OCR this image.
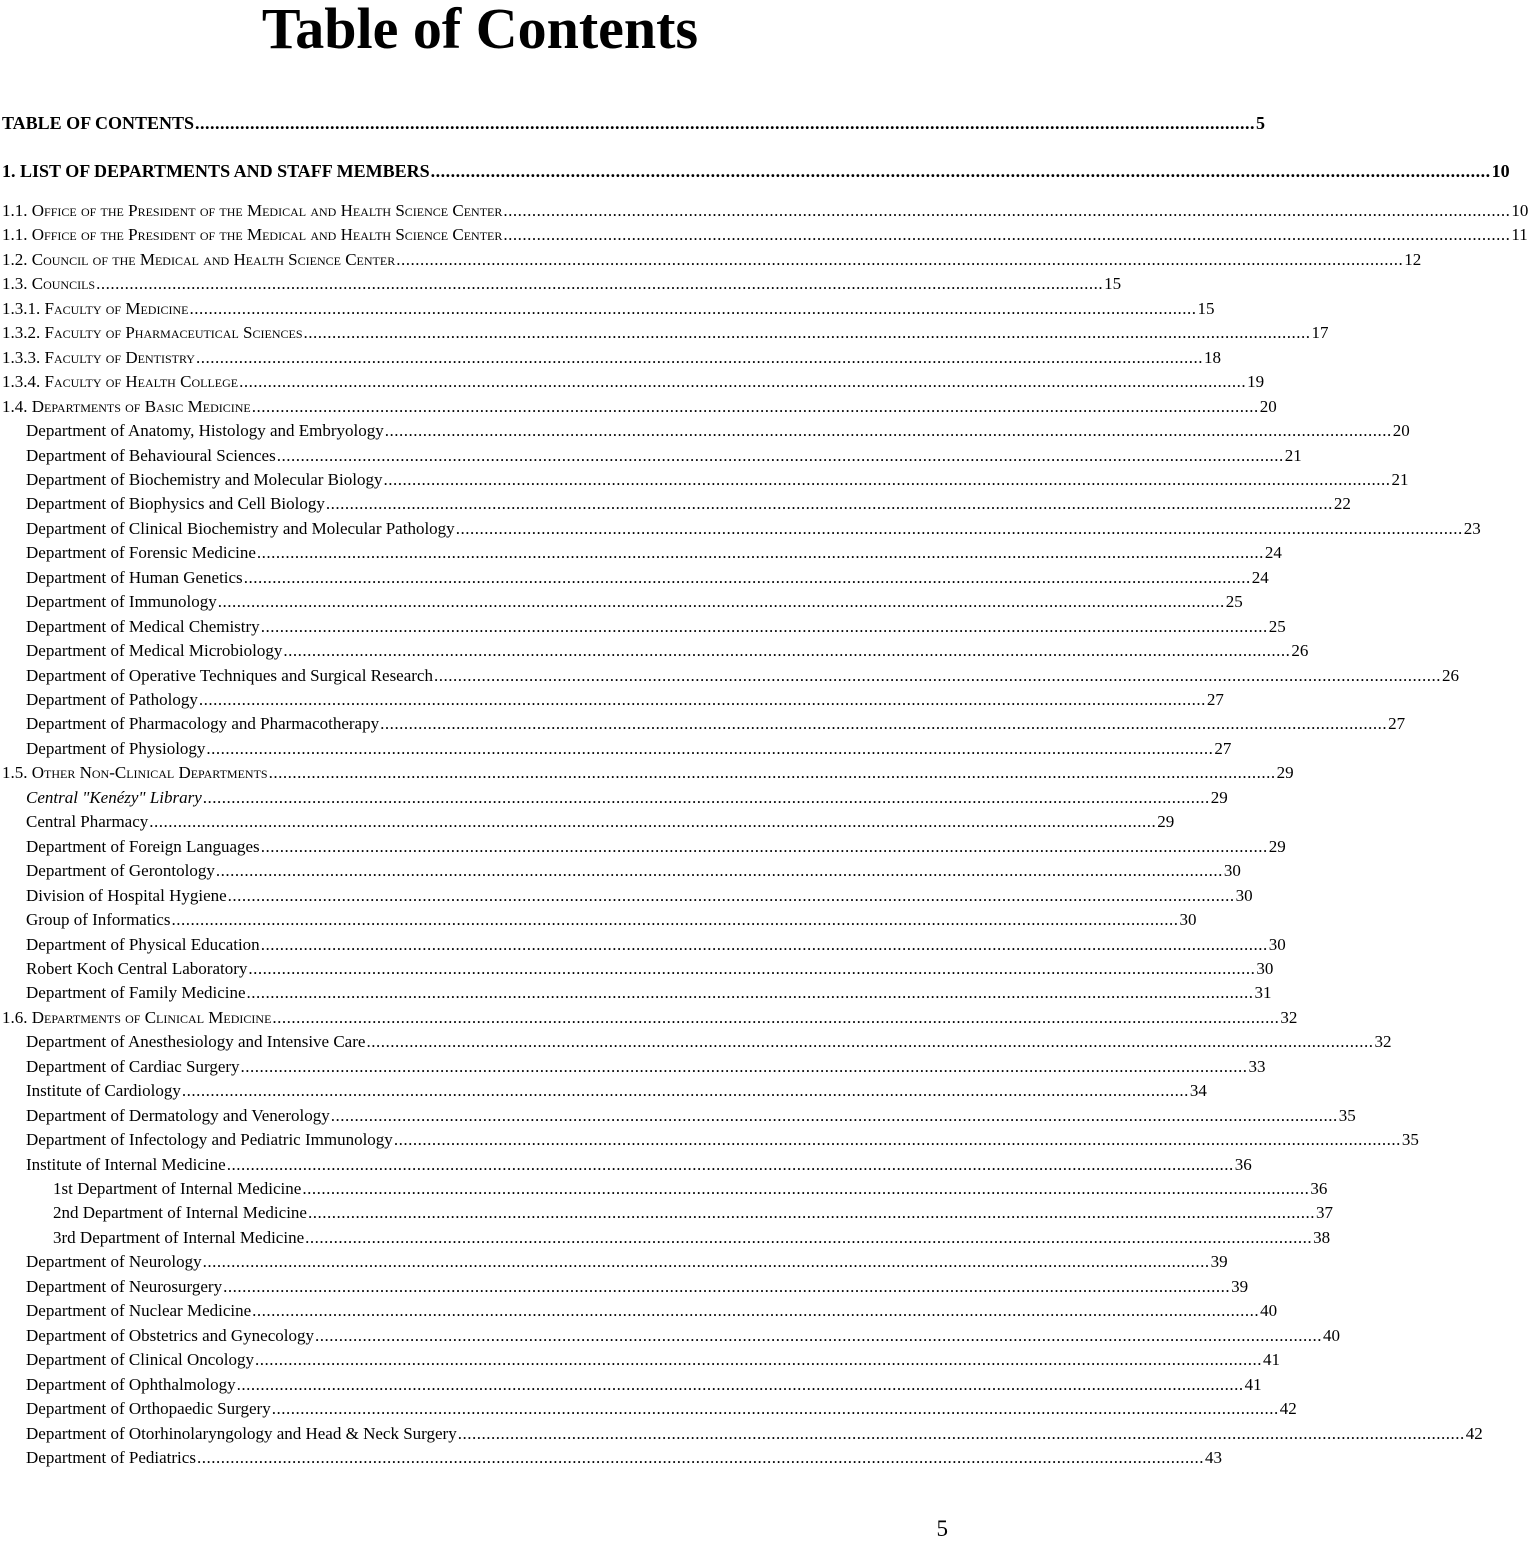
Table of Contents
TABLE OF CONTENTS .................................................................................................................................................................................................................... 5
1. LIST OF DEPARTMENTS AND STAFF MEMBERS .................................................................................................................................................................................................................... 10
1.1. Office of the President of the Medical and Health Science Center .................................................................................................................................................................................................................... 10
1.1. Office of the President of the Medical and Health Science Center .................................................................................................................................................................................................................... 11
1.2. Council of the Medical and Health Science Center .................................................................................................................................................................................................................... 12
1.3. Councils .................................................................................................................................................................................................................... 15
1.3.1. Faculty of Medicine .................................................................................................................................................................................................................... 15
1.3.2. Faculty of Pharmaceutical Sciences .................................................................................................................................................................................................................... 17
1.3.3. Faculty of Dentistry .................................................................................................................................................................................................................... 18
1.3.4. Faculty of Health College .................................................................................................................................................................................................................... 19
1.4. Departments of Basic Medicine .................................................................................................................................................................................................................... 20
Department of Anatomy, Histology and Embryology .................................................................................................................................................................................................................... 20
Department of Behavioural Sciences .................................................................................................................................................................................................................... 21
Department of Biochemistry and Molecular Biology .................................................................................................................................................................................................................... 21
Department of Biophysics and Cell Biology .................................................................................................................................................................................................................... 22
Department of Clinical Biochemistry and Molecular Pathology .................................................................................................................................................................................................................... 23
Department of Forensic Medicine .................................................................................................................................................................................................................... 24
Department of Human Genetics .................................................................................................................................................................................................................... 24
Department of Immunology .................................................................................................................................................................................................................... 25
Department of Medical Chemistry .................................................................................................................................................................................................................... 25
Department of Medical Microbiology .................................................................................................................................................................................................................... 26
Department of Operative Techniques and Surgical Research .................................................................................................................................................................................................................... 26
Department of Pathology .................................................................................................................................................................................................................... 27
Department of Pharmacology and Pharmacotherapy .................................................................................................................................................................................................................... 27
Department of Physiology .................................................................................................................................................................................................................... 27
1.5. Other Non-Clinical Departments .................................................................................................................................................................................................................... 29
Central "Kenézy" Library .................................................................................................................................................................................................................... 29
Central Pharmacy .................................................................................................................................................................................................................... 29
Department of Foreign Languages .................................................................................................................................................................................................................... 29
Department of Gerontology .................................................................................................................................................................................................................... 30
Division of Hospital Hygiene .................................................................................................................................................................................................................... 30
Group of Informatics .................................................................................................................................................................................................................... 30
Department of Physical Education .................................................................................................................................................................................................................... 30
Robert Koch Central Laboratory .................................................................................................................................................................................................................... 30
Department of Family Medicine .................................................................................................................................................................................................................... 31
1.6. Departments of Clinical Medicine .................................................................................................................................................................................................................... 32
Department of Anesthesiology and Intensive Care .................................................................................................................................................................................................................... 32
Department of Cardiac Surgery .................................................................................................................................................................................................................... 33
Institute of Cardiology .................................................................................................................................................................................................................... 34
Department of Dermatology and Venerology .................................................................................................................................................................................................................... 35
Department of Infectology and Pediatric Immunology .................................................................................................................................................................................................................... 35
Institute of Internal Medicine .................................................................................................................................................................................................................... 36
1st Department of Internal Medicine .................................................................................................................................................................................................................... 36
2nd Department of Internal Medicine .................................................................................................................................................................................................................... 37
3rd Department of Internal Medicine .................................................................................................................................................................................................................... 38
Department of Neurology .................................................................................................................................................................................................................... 39
Department of Neurosurgery .................................................................................................................................................................................................................... 39
Department of Nuclear Medicine .................................................................................................................................................................................................................... 40
Department of Obstetrics and Gynecology .................................................................................................................................................................................................................... 40
Department of Clinical Oncology .................................................................................................................................................................................................................... 41
Department of Ophthalmology .................................................................................................................................................................................................................... 41
Department of Orthopaedic Surgery .................................................................................................................................................................................................................... 42
Department of Otorhinolaryngology and Head & Neck Surgery .................................................................................................................................................................................................................... 42
Department of Pediatrics .................................................................................................................................................................................................................... 43
5
